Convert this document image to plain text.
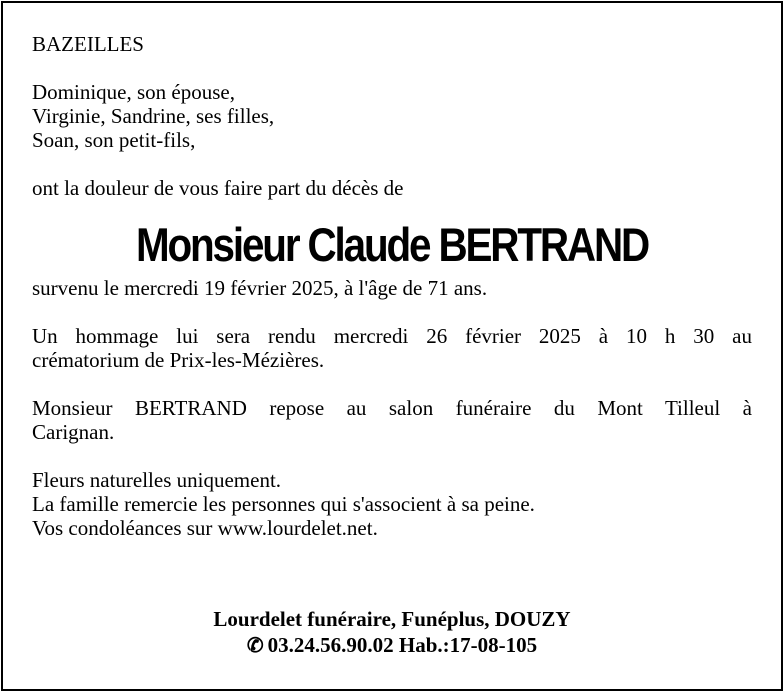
BAZEILLES
Dominique, son épouse,
Virginie, Sandrine, ses filles,
Soan, son petit-fils,
ont la douleur de vous faire part du décès de
Monsieur Claude BERTRAND
survenu le mercredi 19 février 2025, à l'âge de 71 ans.
Un hommage lui sera rendu mercredi 26 février 2025 à 10 h 30 au
crématorium de Prix-les-Mézières.
Monsieur BERTRAND repose au salon funéraire du Mont Tilleul à
Carignan.
Fleurs naturelles uniquement.
La famille remercie les personnes qui s'associent à sa peine.
Vos condoléances sur www.lourdelet.net.
Lourdelet funéraire, Funéplus, DOUZY
✆ 03.24.56.90.02 Hab.:17-08-105
